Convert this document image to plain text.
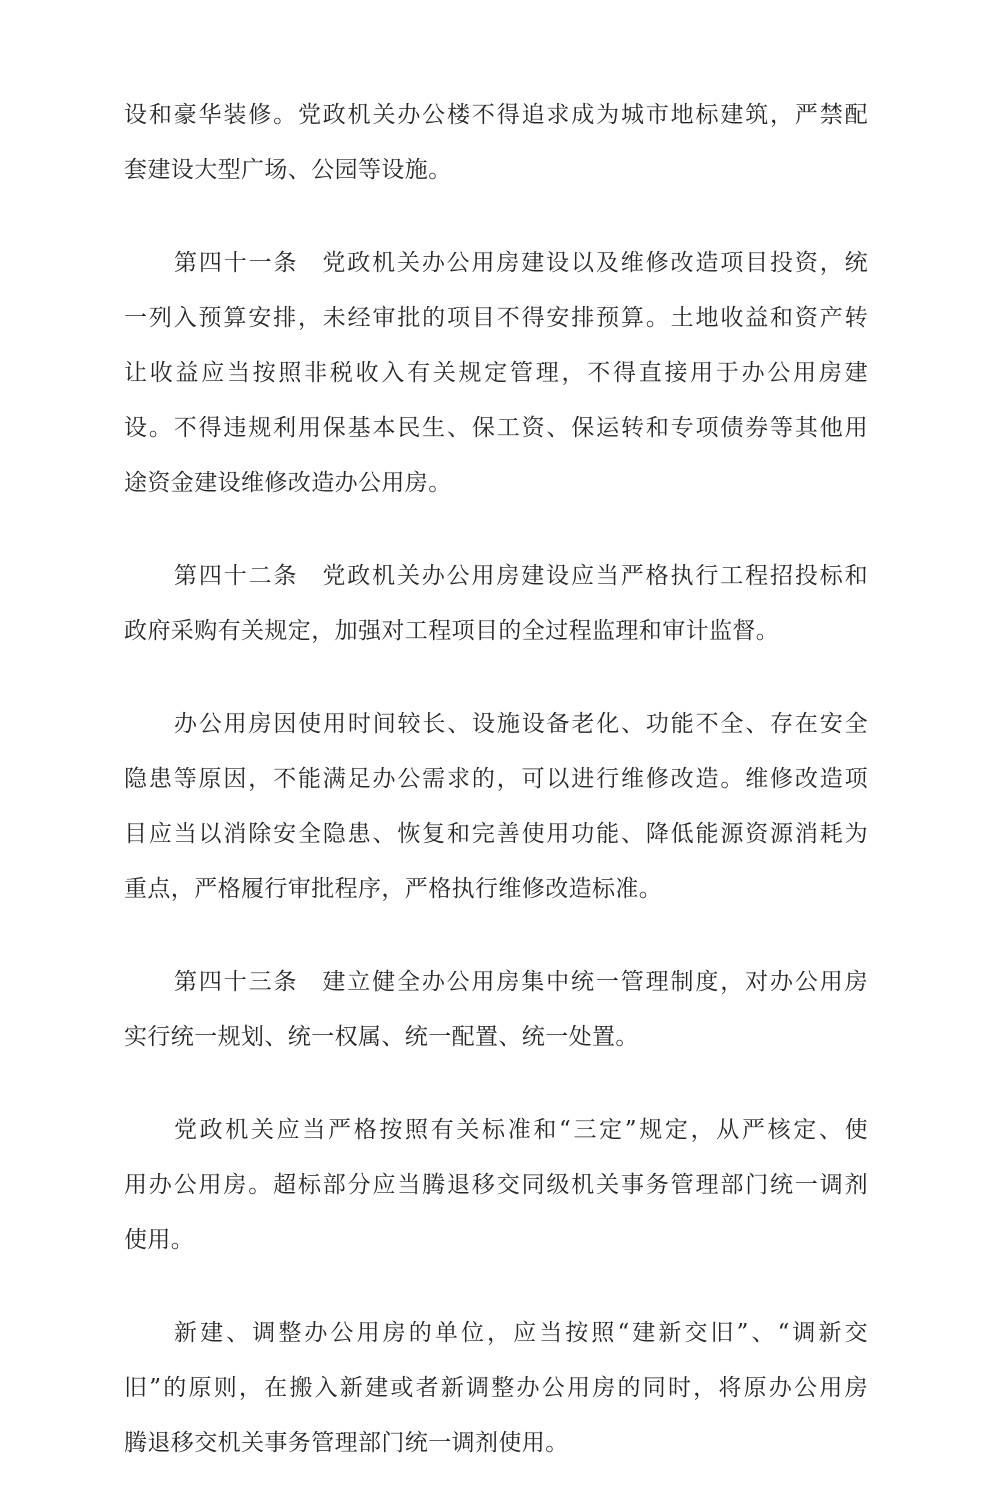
设和豪华装修。党政机关办公楼不得追求成为城市地标建筑，严禁配
套建设大型广场、公园等设施。

第四十一条 党政机关办公用房建设以及维修改造项目投资，统
一列入预算安排，未经审批的项目不得安排预算。土地收益和资产转
让收益应当按照非税收入有关规定管理，不得直接用于办公用房建
设。不得违规利用保基本民生、保工资、保运转和专项债券等其他用
途资金建设维修改造办公用房。

第四十二条 党政机关办公用房建设应当严格执行工程招投标和
政府采购有关规定，加强对工程项目的全过程监理和审计监督。

办公用房因使用时间较长、设施设备老化、功能不全、存在安全
隐患等原因，不能满足办公需求的，可以进行维修改造。维修改造项
目应当以消除安全隐患、恢复和完善使用功能、降低能源资源消耗为
重点，严格履行审批程序，严格执行维修改造标准。

第四十三条 建立健全办公用房集中统一管理制度，对办公用房
实行统一规划、统一权属、统一配置、统一处置。

党政机关应当严格按照有关标准和“三定”规定，从严核定、使
用办公用房。超标部分应当腾退移交同级机关事务管理部门统一调剂
使用。

新建、调整办公用房的单位，应当按照“建新交旧”、“调新交
旧”的原则，在搬入新建或者新调整办公用房的同时，将原办公用房
腾退移交机关事务管理部门统一调剂使用。
